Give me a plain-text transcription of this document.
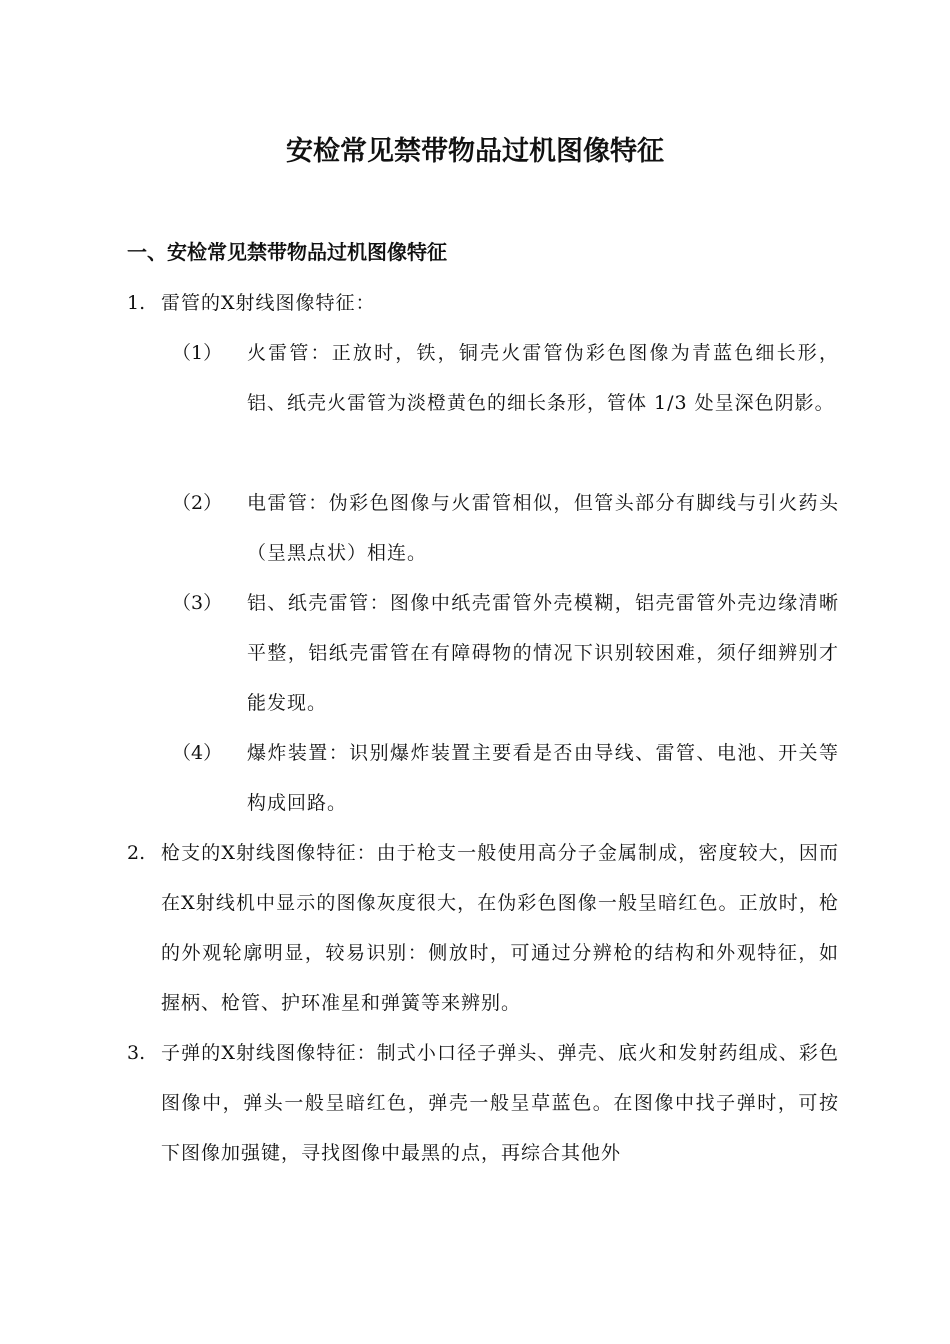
安检常见禁带物品过机图像特征
一、安检常见禁带物品过机图像特征
1. 雷管的X射线图像特征：
（1） 火雷管：正放时，铁，铜壳火雷管伪彩色图像为青蓝色细长形，铝、纸壳火雷管为淡橙黄色的细长条形，管体 1/3 处呈深色阴影。
（2） 电雷管：伪彩色图像与火雷管相似，但管头部分有脚线与引火药头（呈黑点状）相连。
（3） 铝、纸壳雷管：图像中纸壳雷管外壳模糊，铝壳雷管外壳边缘清晰平整，铝纸壳雷管在有障碍物的情况下识别较困难，须仔细辨别才能发现。
（4） 爆炸装置：识别爆炸装置主要看是否由导线、雷管、电池、开关等构成回路。
2. 枪支的X射线图像特征：由于枪支一般使用高分子金属制成，密度较大，因而在X射线机中显示的图像灰度很大，在伪彩色图像一般呈暗红色。正放时，枪的外观轮廓明显，较易识别：侧放时，可通过分辨枪的结构和外观特征，如握柄、枪管、护环准星和弹簧等来辨别。
3. 子弹的X射线图像特征：制式小口径子弹头、弹壳、底火和发射药组成、彩色图像中，弹头一般呈暗红色，弹壳一般呈草蓝色。在图像中找子弹时，可按下图像加强键，寻找图像中最黑的点，再综合其他外
